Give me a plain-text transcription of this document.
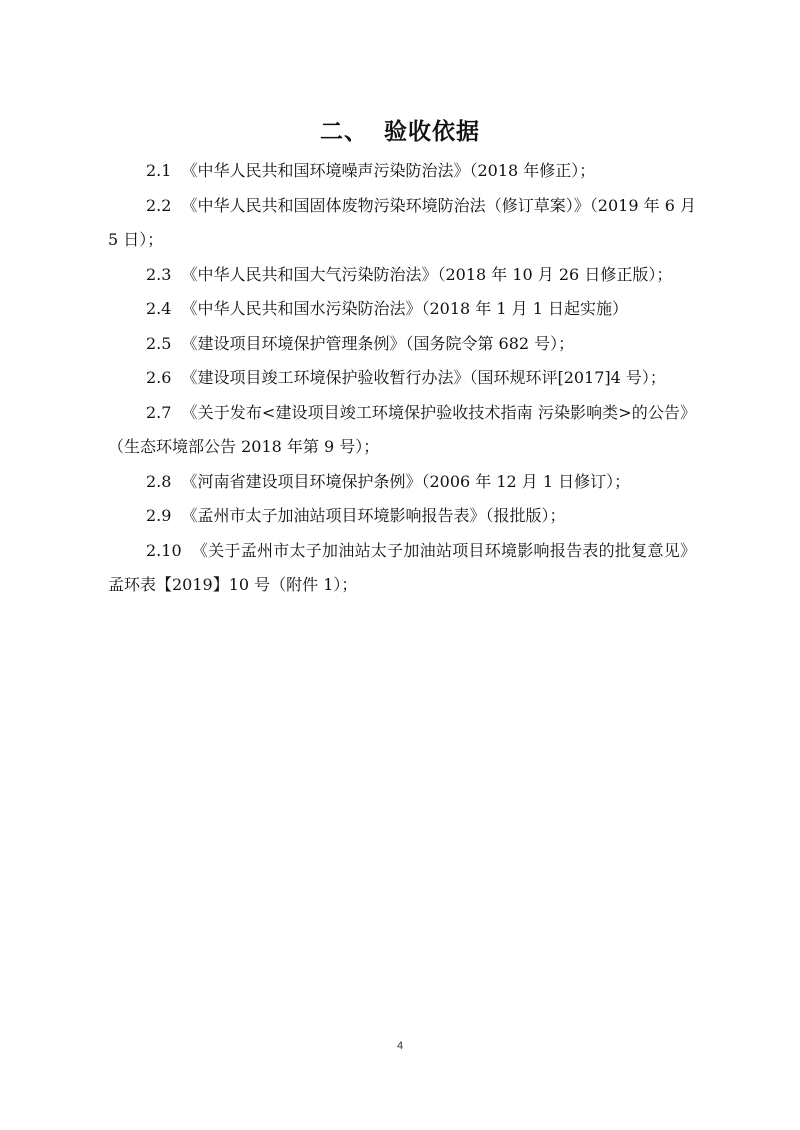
二、 验收依据

2.1 《中华人民共和国环境噪声污染防治法》（2018 年修正）；

2.2 《中华人民共和国固体废物污染环境防治法（修订草案）》（2019 年 6 月 5 日）；

2.3 《中华人民共和国大气污染防治法》（2018 年 10 月 26 日修正版）；

2.4 《中华人民共和国水污染防治法》（2018 年 1 月 1 日起实施）

2.5 《建设项目环境保护管理条例》（国务院令第 682 号）；

2.6 《建设项目竣工环境保护验收暂行办法》（国环规环评[2017]4 号）；

2.7 《关于发布<建设项目竣工环境保护验收技术指南 污染影响类>的公告》（生态环境部公告 2018 年第 9 号）；

2.8 《河南省建设项目环境保护条例》（2006 年 12 月 1 日修订）；

2.9 《孟州市太子加油站项目环境影响报告表》（报批版）；

2.10 《关于孟州市太子加油站太子加油站项目环境影响报告表的批复意见》孟环表【2019】10 号（附件 1）；

4
